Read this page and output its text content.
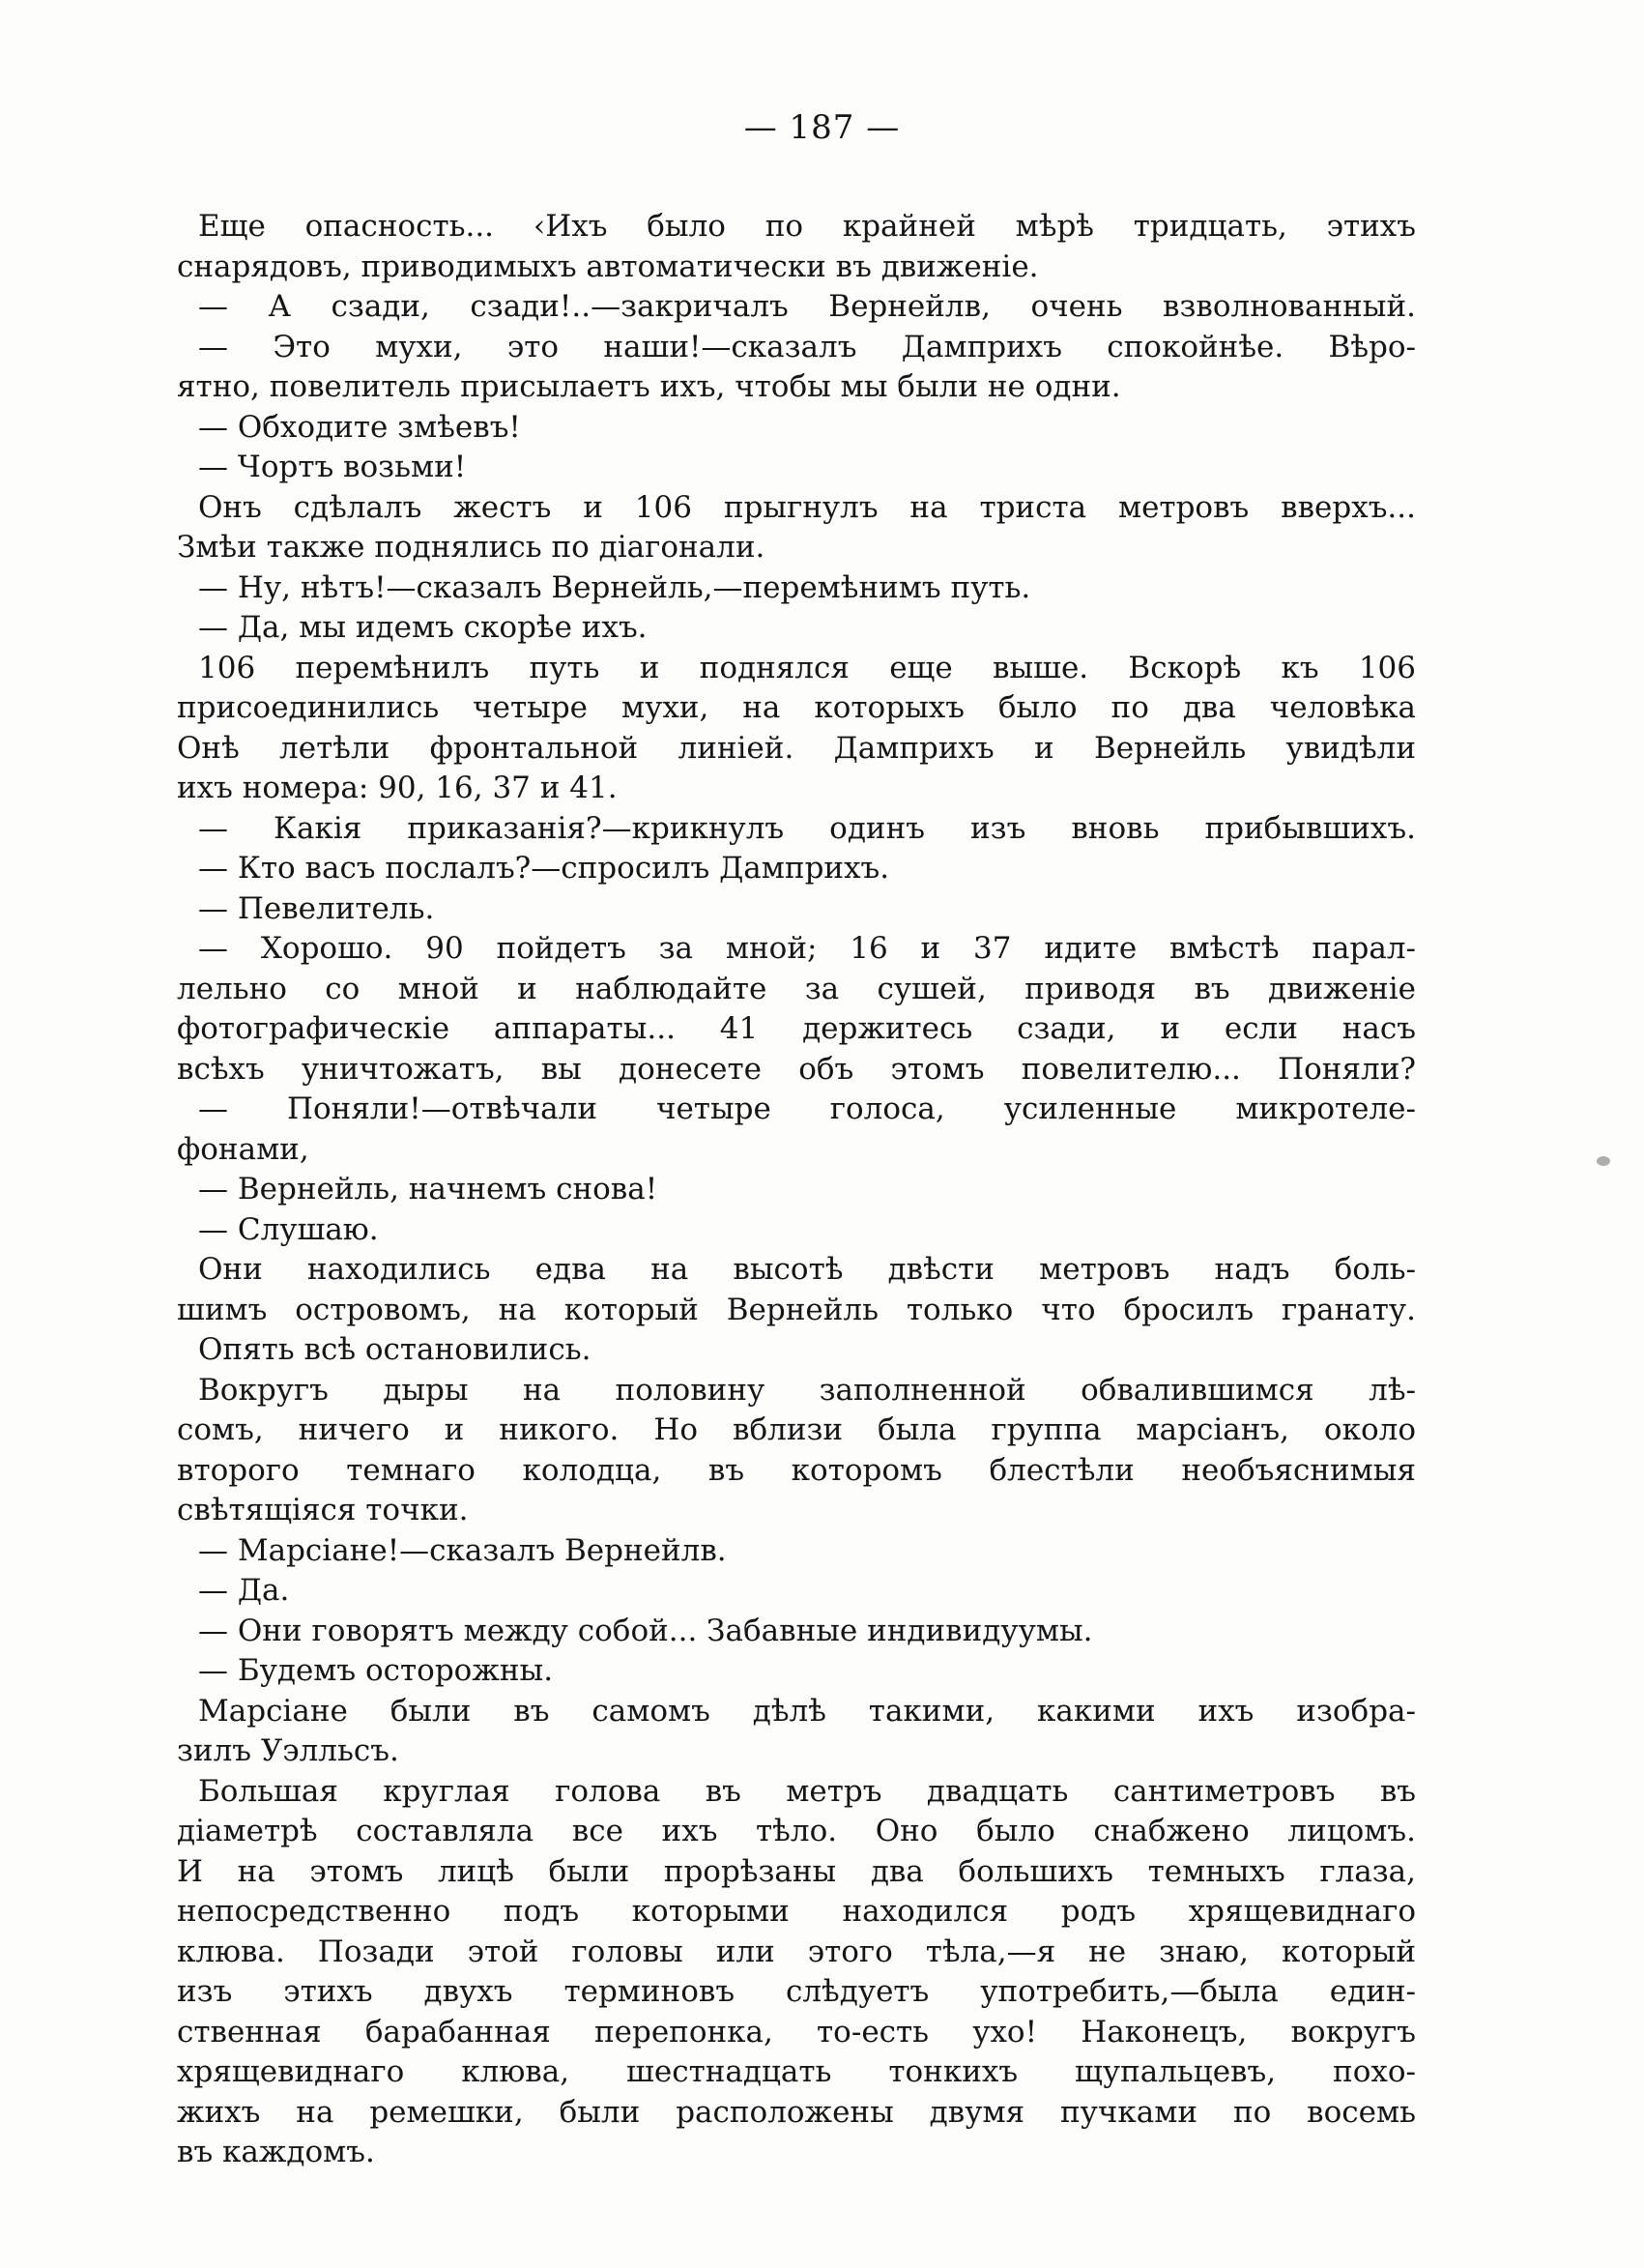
— 187 —
Еще опасность... ‹Ихъ было по крайней мѣрѣ тридцать, этихъ
снарядовъ, приводимыхъ автоматически въ движеніе.
— А сзади, сзади!..—закричалъ Вернейлв, очень взволнованный.
— Это мухи, это наши!—сказалъ Дамприхъ спокойнѣе. Вѣро-
ятно, повелитель присылаетъ ихъ, чтобы мы были не одни.
— Обходите змѣевъ!
— Чортъ возьми!
Онъ сдѣлалъ жестъ и 106 прыгнулъ на триста метровъ вверхъ...
Змѣи также поднялись по діагонали.
— Ну, нѣтъ!—сказалъ Вернейль,—перемѣнимъ путь.
— Да, мы идемъ скорѣе ихъ.
106 перемѣнилъ путь и поднялся еще выше. Вскорѣ къ 106
присоединились четыре мухи, на которыхъ было по два человѣка
Онѣ летѣли фронтальной линіей. Дамприхъ и Вернейль увидѣли
ихъ номера: 90, 16, 37 и 41.
— Какія приказанія?—крикнулъ одинъ изъ вновь прибывшихъ.
— Кто васъ послалъ?—спросилъ Дамприхъ.
— Певелитель.
— Хорошо. 90 пойдетъ за мной; 16 и 37 идите вмѣстѣ парал-
лельно со мной и наблюдайте за сушей, приводя въ движеніе
фотографическіе аппараты... 41 держитесь сзади, и если насъ
всѣхъ уничтожатъ, вы донесете объ этомъ повелителю... Поняли?
— Поняли!—отвѣчали четыре голоса, усиленные микротеле-
фонами,
— Вернейль, начнемъ снова!
— Слушаю.
Они находились едва на высотѣ двѣсти метровъ надъ боль-
шимъ островомъ, на который Вернейль только что бросилъ гранату.
Опять всѣ остановились.
Вокругъ дыры на половину заполненной обвалившимся лѣ-
сомъ, ничего и никого. Но вблизи была группа марсіанъ, около
второго темнаго колодца, въ которомъ блестѣли необъяснимыя
свѣтящіяся точки.
— Марсіане!—сказалъ Вернейлв.
— Да.
— Они говорятъ между собой... Забавные индивидуумы.
— Будемъ осторожны.
Марсіане были въ самомъ дѣлѣ такими, какими ихъ изобра-
зилъ Уэлльсъ.
Большая круглая голова въ метръ двадцать сантиметровъ въ
діаметрѣ составляла все ихъ тѣло. Оно было снабжено лицомъ.
И на этомъ лицѣ были прорѣзаны два большихъ темныхъ глаза,
непосредственно подъ которыми находился родъ хрящевиднаго
клюва. Позади этой головы или этого тѣла,—я не знаю, который
изъ этихъ двухъ терминовъ слѣдуетъ употребить,—была един-
ственная барабанная перепонка, то-есть ухо! Наконецъ, вокругъ
хрящевиднаго клюва, шестнадцать тонкихъ щупальцевъ, похо-
жихъ на ремешки, были расположены двумя пучками по восемь
въ каждомъ.
